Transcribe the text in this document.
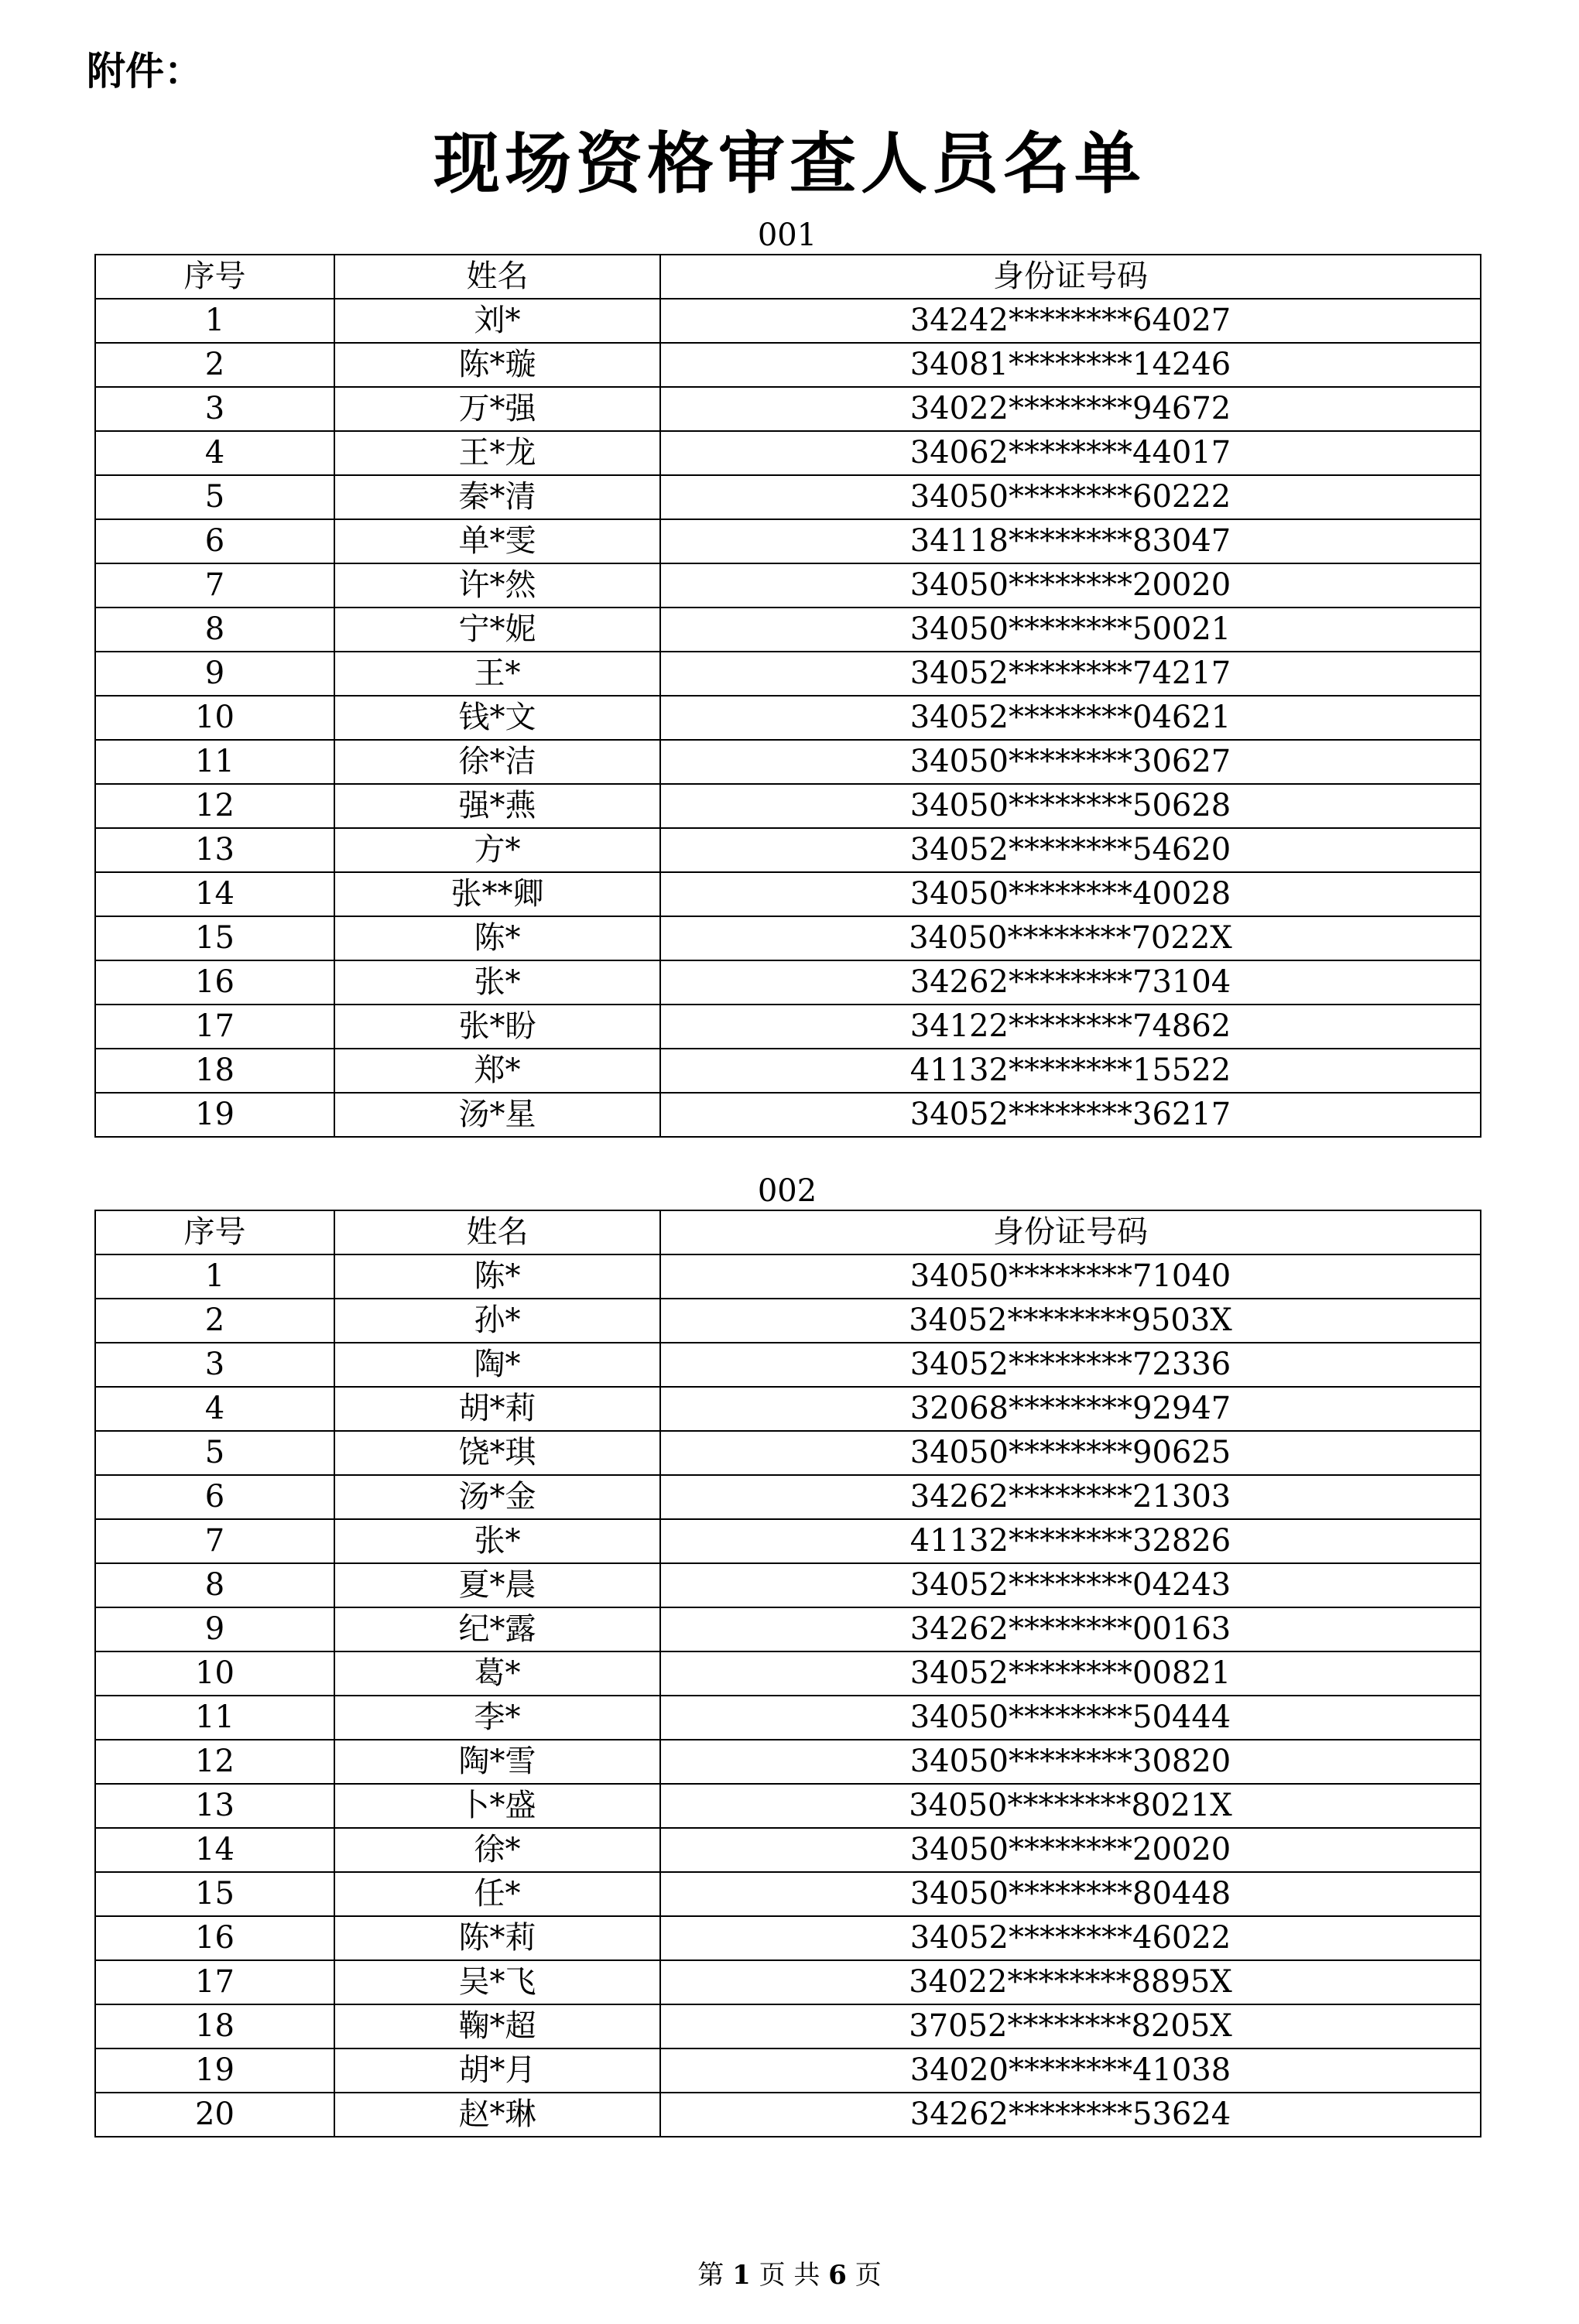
附件：
现场资格审查人员名单
001
序号	姓名	身份证号码
1	刘*	34242********64027
2	陈*璇	34081********14246
3	万*强	34022********94672
4	王*龙	34062********44017
5	秦*清	34050********60222
6	单*雯	34118********83047
7	许*然	34050********20020
8	宁*妮	34050********50021
9	王*	34052********74217
10	钱*文	34052********04621
11	徐*洁	34050********30627
12	强*燕	34050********50628
13	方*	34052********54620
14	张**卿	34050********40028
15	陈*	34050********7022X
16	张*	34262********73104
17	张*盼	34122********74862
18	郑*	41132********15522
19	汤*星	34052********36217
002
序号	姓名	身份证号码
1	陈*	34050********71040
2	孙*	34052********9503X
3	陶*	34052********72336
4	胡*莉	32068********92947
5	饶*琪	34050********90625
6	汤*金	34262********21303
7	张*	41132********32826
8	夏*晨	34052********04243
9	纪*露	34262********00163
10	葛*	34052********00821
11	李*	34050********50444
12	陶*雪	34050********30820
13	卜*盛	34050********8021X
14	徐*	34050********20020
15	任*	34050********80448
16	陈*莉	34052********46022
17	吴*飞	34022********8895X
18	鞠*超	37052********8205X
19	胡*月	34020********41038
20	赵*琳	34262********53624
第 1 页 共 6 页
